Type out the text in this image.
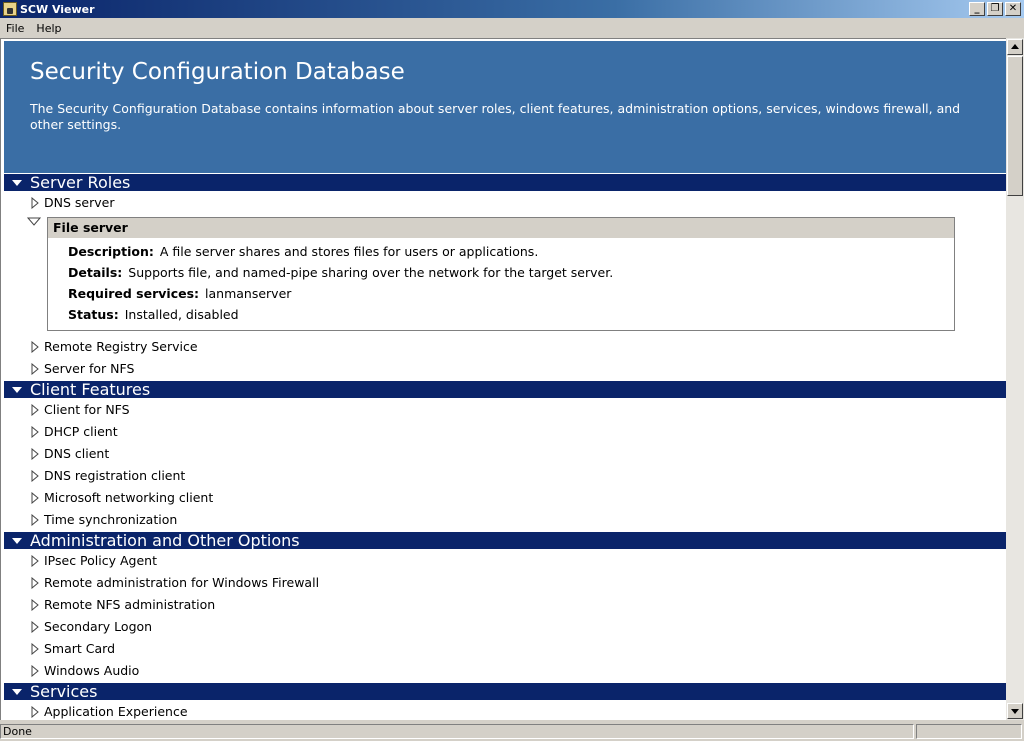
SCW Viewer	_	❐ ✕
File	Help
Security Configuration Database
The Security Configuration Database contains information about server roles, client features, administration options, services, windows firewall, and other settings.
Server Roles
DNS server
File server
Description: A file server shares and stores files for users or applications.
Details: Supports file, and named-pipe sharing over the network for the target server.
Required services: lanmanserver
Status: Installed, disabled
Remote Registry Service
Server for NFS
Client Features
Client for NFS
DHCP client
DNS client
DNS registration client
Microsoft networking client
Time synchronization
Administration and Other Options
IPsec Policy Agent
Remote administration for Windows Firewall
Remote NFS administration
Secondary Logon
Smart Card
Windows Audio
Services
Application Experience
Done
